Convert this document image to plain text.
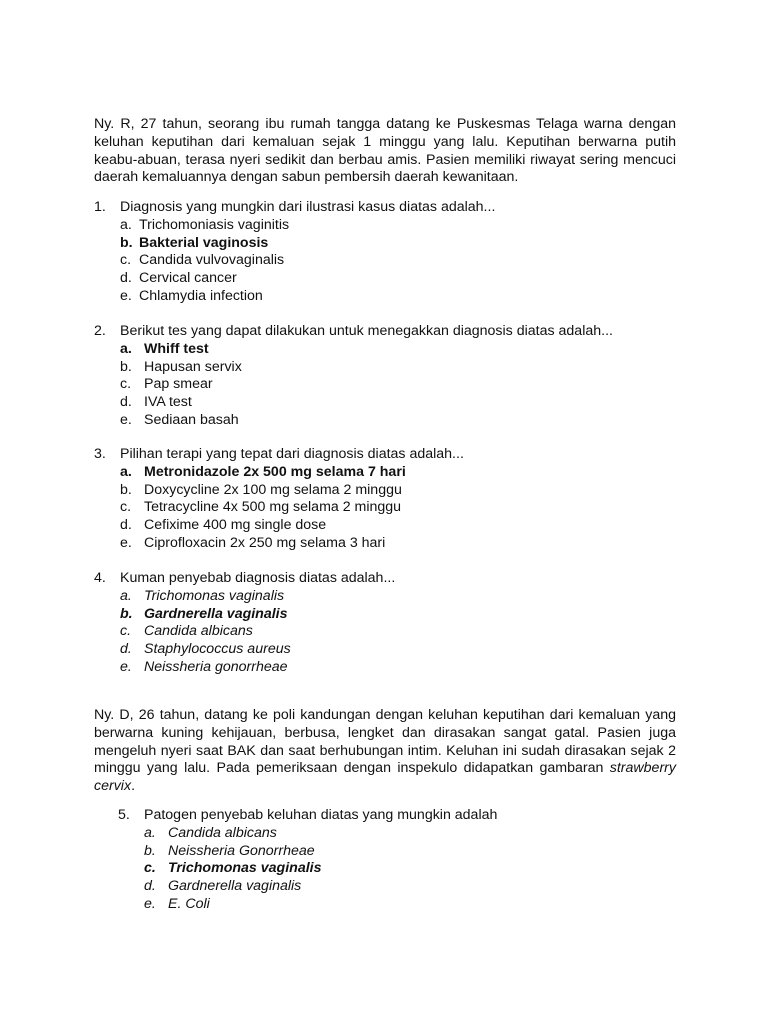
Ny. R, 27 tahun, seorang ibu rumah tangga datang ke Puskesmas Telaga warna dengan keluhan keputihan dari kemaluan sejak 1 minggu yang lalu. Keputihan berwarna putih keabu-abuan, terasa nyeri sedikit dan berbau amis. Pasien memiliki riwayat sering mencuci daerah kemaluannya dengan sabun pembersih daerah kewanitaan.

1. Diagnosis yang mungkin dari ilustrasi kasus diatas adalah...
a. Trichomoniasis vaginitis
b. Bakterial vaginosis
c. Candida vulvovaginalis
d. Cervical cancer
e. Chlamydia infection
2. Berikut tes yang dapat dilakukan untuk menegakkan diagnosis diatas adalah...
a. Whiff test
b. Hapusan servix
c. Pap smear
d. IVA test
e. Sediaan basah
3. Pilihan terapi yang tepat dari diagnosis diatas adalah...
a. Metronidazole 2x 500 mg selama 7 hari
b. Doxycycline 2x 100 mg selama 2 minggu
c. Tetracycline 4x 500 mg selama 2 minggu
d. Cefixime 400 mg single dose
e. Ciprofloxacin 2x 250 mg selama 3 hari
4. Kuman penyebab diagnosis diatas adalah...
a. Trichomonas vaginalis
b. Gardnerella vaginalis
c. Candida albicans
d. Staphylococcus aureus
e. Neissheria gonorrheae

Ny. D, 26 tahun, datang ke poli kandungan dengan keluhan keputihan dari kemaluan yang berwarna kuning kehijauan, berbusa, lengket dan dirasakan sangat gatal. Pasien juga mengeluh nyeri saat BAK dan saat berhubungan intim. Keluhan ini sudah dirasakan sejak 2 minggu yang lalu. Pada pemeriksaan dengan inspekulo didapatkan gambaran strawberry cervix.

5. Patogen penyebab keluhan diatas yang mungkin adalah
a. Candida albicans
b. Neissheria Gonorrheae
c. Trichomonas vaginalis
d. Gardnerella vaginalis
e. E. Coli
